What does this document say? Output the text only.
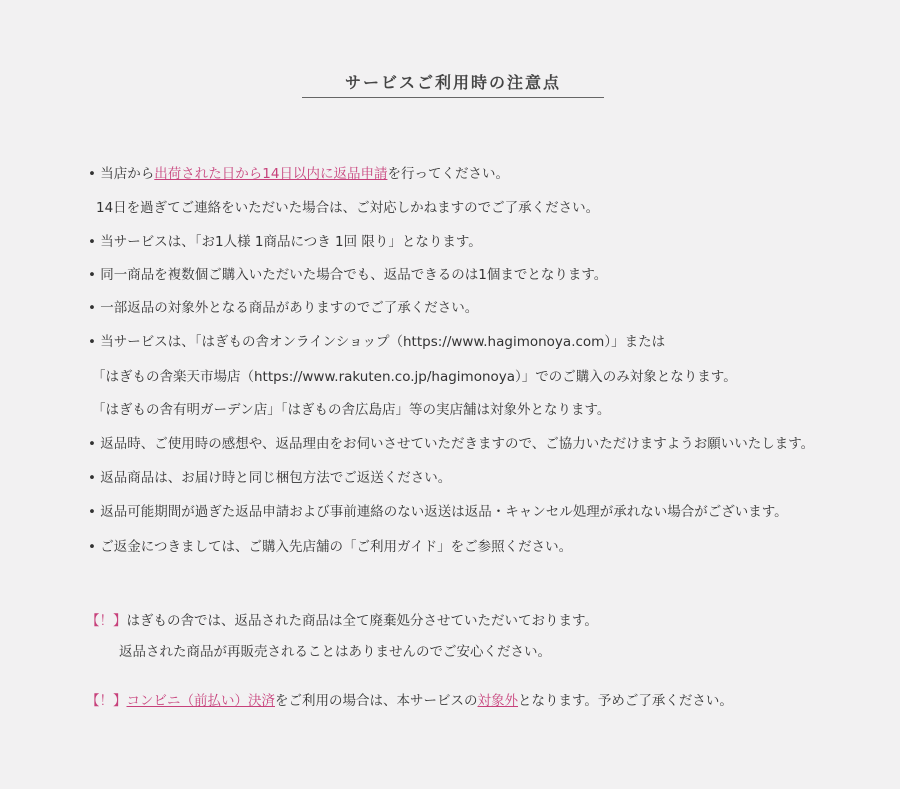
サービスご利用時の注意点
• 当店から出荷された日から14日以内に返品申請を行ってください。
14日を過ぎてご連絡をいただいた場合は、ご対応しかねますのでご了承ください。
• 当サービスは、「お1人様 1商品につき 1回 限り」となります。
• 同一商品を複数個ご購入いただいた場合でも、返品できるのは1個までとなります。
• 一部返品の対象外となる商品がありますのでご了承ください。
• 当サービスは、「はぎもの舎オンラインショップ（https://www.hagimonoya.com）」または
「はぎもの舎楽天市場店（https://www.rakuten.co.jp/hagimonoya）」でのご購入のみ対象となります。
「はぎもの舎有明ガーデン店」「はぎもの舎広島店」等の実店舗は対象外となります。
• 返品時、ご使用時の感想や、返品理由をお伺いさせていただきますので、ご協力いただけますようお願いいたします。
• 返品商品は、お届け時と同じ梱包方法でご返送ください。
• 返品可能期間が過ぎた返品申請および事前連絡のない返送は返品・キャンセル処理が承れない場合がございます。
• ご返金につきましては、ご購入先店舗の「ご利用ガイド」をご参照ください。
【！】はぎもの舎では、返品された商品は全て廃棄処分させていただいております。
返品された商品が再販売されることはありませんのでご安心ください。
【！】コンビニ（前払い）決済をご利用の場合は、本サービスの対象外となります。予めご了承ください。
